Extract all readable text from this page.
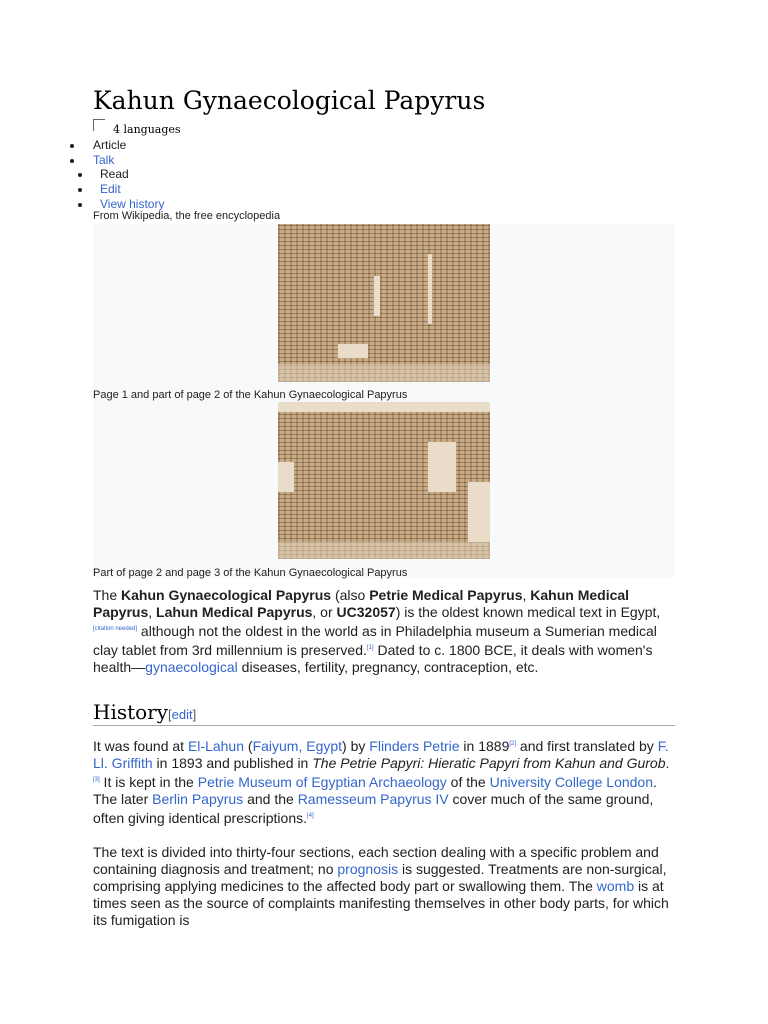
Kahun Gynaecological Papyrus
4 languages
Article
Talk
Read
Edit
View history
From Wikipedia, the free encyclopedia
Page 1 and part of page 2 of the Kahun Gynaecological Papyrus
Part of page 2 and page 3 of the Kahun Gynaecological Papyrus

The Kahun Gynaecological Papyrus (also Petrie Medical Papyrus, Kahun Medical Papyrus, Lahun Medical Papyrus, or UC32057) is the oldest known medical text in Egypt,[citation needed] although not the oldest in the world as in Philadelphia museum a Sumerian medical clay tablet from 3rd millennium is preserved.[1] Dated to c. 1800 BCE, it deals with women's health—gynaecological diseases, fertility, pregnancy, contraception, etc.

History[edit]

It was found at El-Lahun (Faiyum, Egypt) by Flinders Petrie in 1889[2] and first translated by F. Ll. Griffith in 1893 and published in The Petrie Papyri: Hieratic Papyri from Kahun and Gurob.[3] It is kept in the Petrie Museum of Egyptian Archaeology of the University College London. The later Berlin Papyrus and the Ramesseum Papyrus IV cover much of the same ground, often giving identical prescriptions.[4]

The text is divided into thirty-four sections, each section dealing with a specific problem and containing diagnosis and treatment; no prognosis is suggested. Treatments are non-surgical, comprising applying medicines to the affected body part or swallowing them. The womb is at times seen as the source of complaints manifesting themselves in other body parts, for which its fumigation is
